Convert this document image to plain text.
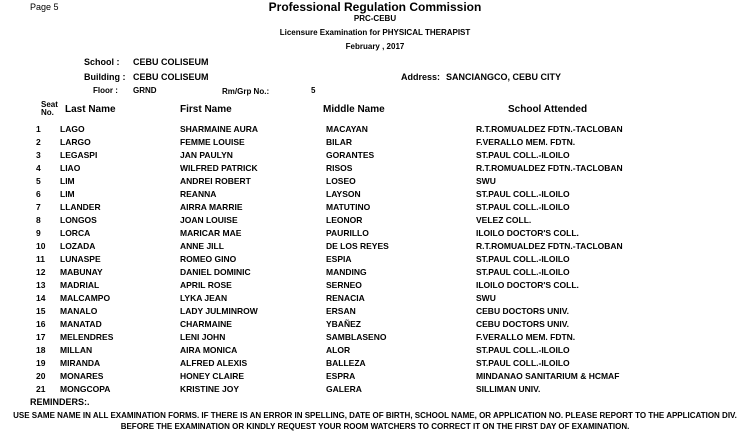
Page 5	Professional Regulation Commission
PRC-CEBU
Licensure Examination for PHYSICAL THERAPIST
February , 2017
School : CEBU COLISEUM
Building : CEBU COLISEUM
Floor : GRND	Rm/Grp No.:	5
Address: SANCIANGCO, CEBU CITY
Seat
No.	Last Name	First Name	Middle Name	School Attended
1	LAGO	SHARMAINE AURA	MACAYAN	R.T.ROMUALDEZ FDTN.-TACLOBAN
2	LARGO	FEMME LOUISE	BILAR	F.VERALLO MEM. FDTN.
3	LEGASPI	JAN PAULYN	GORANTES	ST.PAUL COLL.-ILOILO
4	LIAO	WILFRED PATRICK	RISOS	R.T.ROMUALDEZ FDTN.-TACLOBAN
5	LIM	ANDREI ROBERT	LOSEO	SWU
6	LIM	REANNA	LAYSON	ST.PAUL COLL.-ILOILO
7	LLANDER	AIRRA MARRIE	MATUTINO	ST.PAUL COLL.-ILOILO
8	LONGOS	JOAN LOUISE	LEONOR	VELEZ COLL.
9	LORCA	MARICAR MAE	PAURILLO	ILOILO DOCTOR'S COLL.
10	LOZADA	ANNE JILL	DE LOS REYES	R.T.ROMUALDEZ FDTN.-TACLOBAN
11	LUNASPE	ROMEO GINO	ESPIA	ST.PAUL COLL.-ILOILO
12	MABUNAY	DANIEL DOMINIC	MANDING	ST.PAUL COLL.-ILOILO
13	MADRIAL	APRIL ROSE	SERNEO	ILOILO DOCTOR'S COLL.
14	MALCAMPO	LYKA JEAN	RENACIA	SWU
15	MANALO	LADY JULMINROW	ERSAN	CEBU DOCTORS UNIV.
16	MANATAD	CHARMAINE	YBAÑEZ	CEBU DOCTORS UNIV.
17	MELENDRES	LENI JOHN	SAMBLASENO	F.VERALLO MEM. FDTN.
18	MILLAN	AIRA MONICA	ALOR	ST.PAUL COLL.-ILOILO
19	MIRANDA	ALFRED ALEXIS	BALLEZA	ST.PAUL COLL.-ILOILO
20	MONARES	HONEY CLAIRE	ESPRA	MINDANAO SANITARIUM & HCMAF
21	MONGCOPA	KRISTINE JOY	GALERA	SILLIMAN UNIV.
REMINDERS:.
USE SAME NAME IN ALL EXAMINATION FORMS. IF THERE IS AN ERROR IN SPELLING, DATE OF BIRTH, SCHOOL NAME, OR APPLICATION NO. PLEASE REPORT TO THE APPLICATION DIV. BEFORE THE EXAMINATION OR KINDLY REQUEST YOUR ROOM WATCHERS TO CORRECT IT ON THE FIRST DAY OF EXAMINATION.
